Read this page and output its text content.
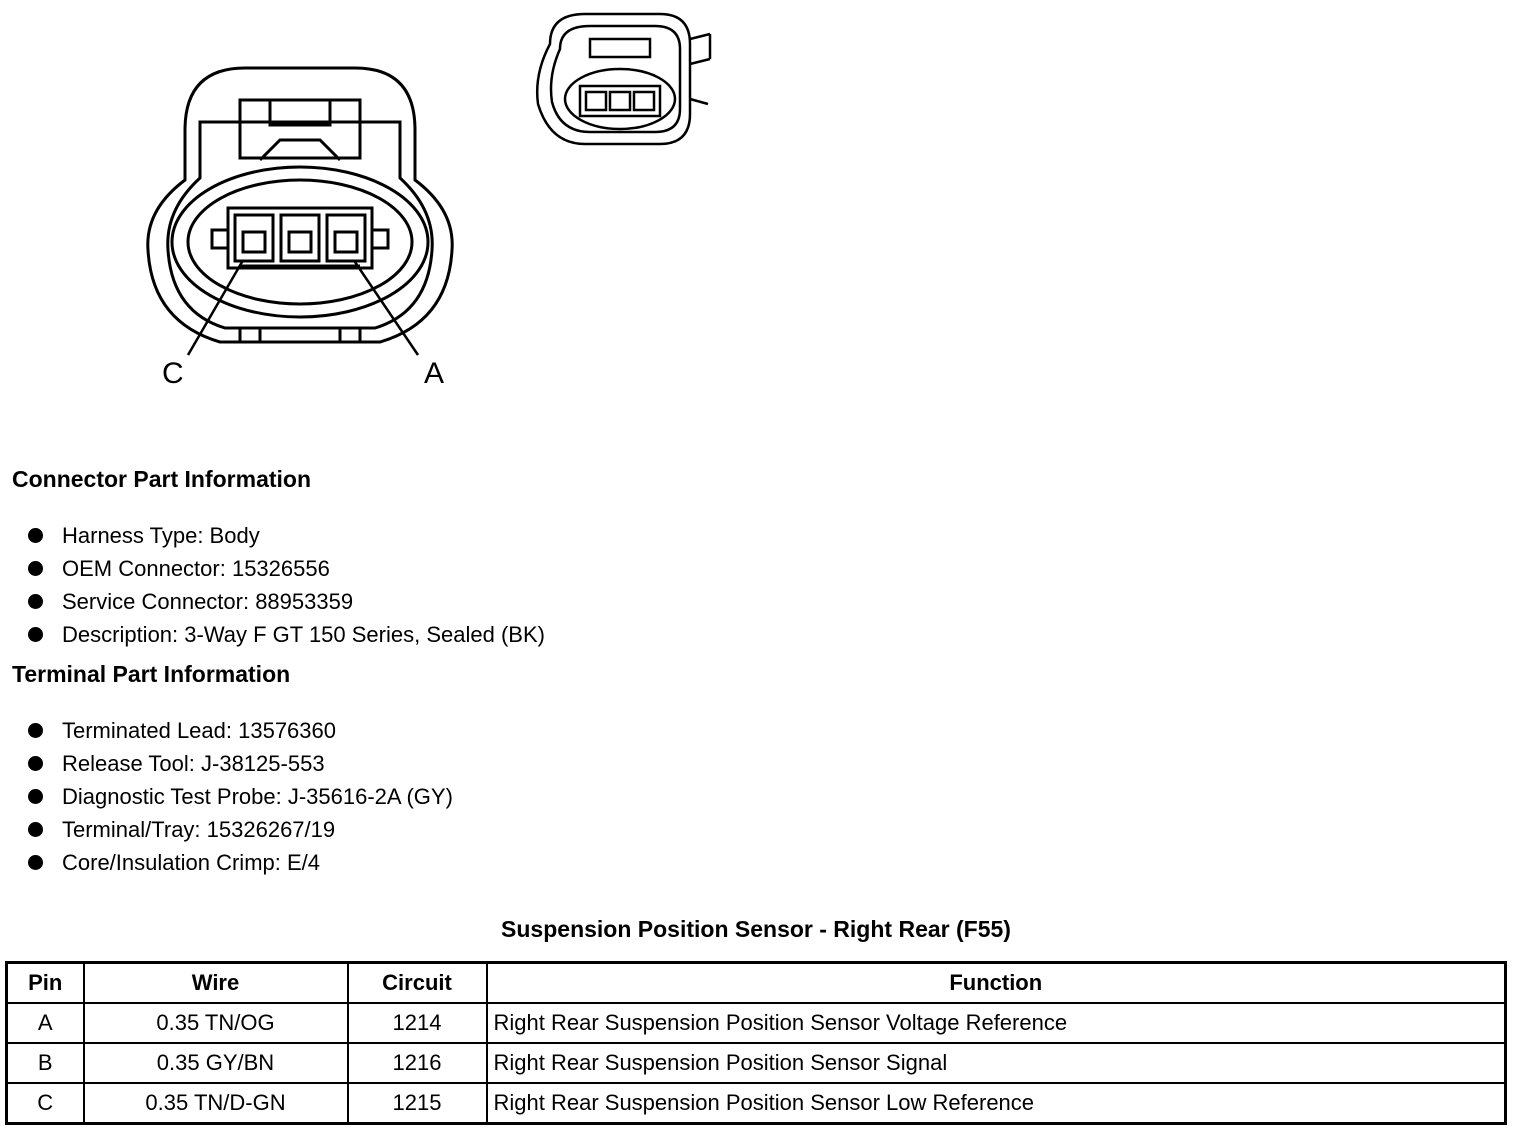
C	A
Connector Part Information
Harness Type: Body
OEM Connector: 15326556
Service Connector: 88953359
Description: 3-Way F GT 150 Series, Sealed (BK)
Terminal Part Information
Terminated Lead: 13576360
Release Tool: J-38125-553
Diagnostic Test Probe: J-35616-2A (GY)
Terminal/Tray: 15326267/19
Core/Insulation Crimp: E/4
Suspension Position Sensor - Right Rear (F55)
Pin	Wire	Circuit	Function
A	0.35 TN/OG	1214	Right Rear Suspension Position Sensor Voltage Reference
B	0.35 GY/BN	1216	Right Rear Suspension Position Sensor Signal
C	0.35 TN/D-GN	1215	Right Rear Suspension Position Sensor Low Reference
